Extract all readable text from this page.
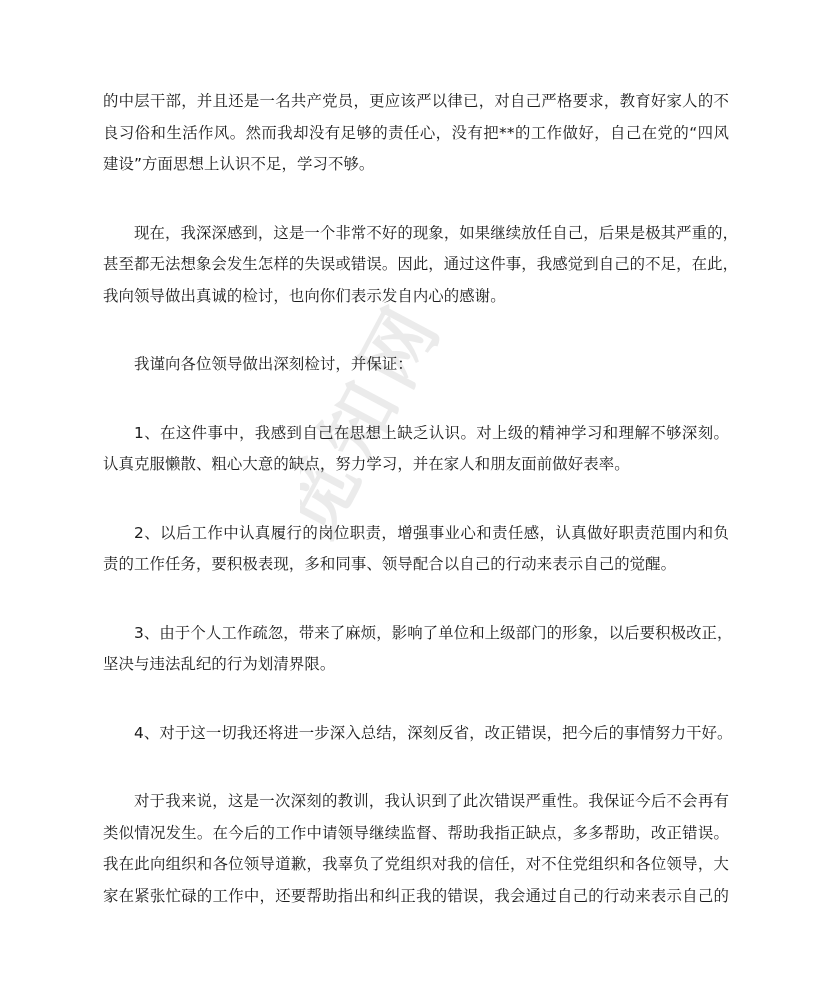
觅知网
的中层干部，并且还是一名共产党员，更应该严以律已，对自己严格要求，教育好家人的不
良习俗和生活作风。然而我却没有足够的责任心，没有把**的工作做好，自己在党的“四风
建设”方面思想上认识不足，学习不够。
现在，我深深感到，这是一个非常不好的现象，如果继续放任自己，后果是极其严重的，
甚至都无法想象会发生怎样的失误或错误。因此，通过这件事，我感觉到自己的不足，在此，
我向领导做出真诚的检讨，也向你们表示发自内心的感谢。
我谨向各位领导做出深刻检讨，并保证：
1、在这件事中，我感到自己在思想上缺乏认识。对上级的精神学习和理解不够深刻。
认真克服懒散、粗心大意的缺点，努力学习，并在家人和朋友面前做好表率。
2、以后工作中认真履行的岗位职责，增强事业心和责任感，认真做好职责范围内和负
责的工作任务，要积极表现，多和同事、领导配合以自己的行动来表示自己的觉醒。
3、由于个人工作疏忽，带来了麻烦，影响了单位和上级部门的形象，以后要积极改正，
坚决与违法乱纪的行为划清界限。
4、对于这一切我还将进一步深入总结，深刻反省，改正错误，把今后的事情努力干好。
对于我来说，这是一次深刻的教训，我认识到了此次错误严重性。我保证今后不会再有
类似情况发生。在今后的工作中请领导继续监督、帮助我指正缺点，多多帮助，改正错误。
我在此向组织和各位领导道歉，我辜负了党组织对我的信任，对不住党组织和各位领导，大
家在紧张忙碌的工作中，还要帮助指出和纠正我的错误，我会通过自己的行动来表示自己的
